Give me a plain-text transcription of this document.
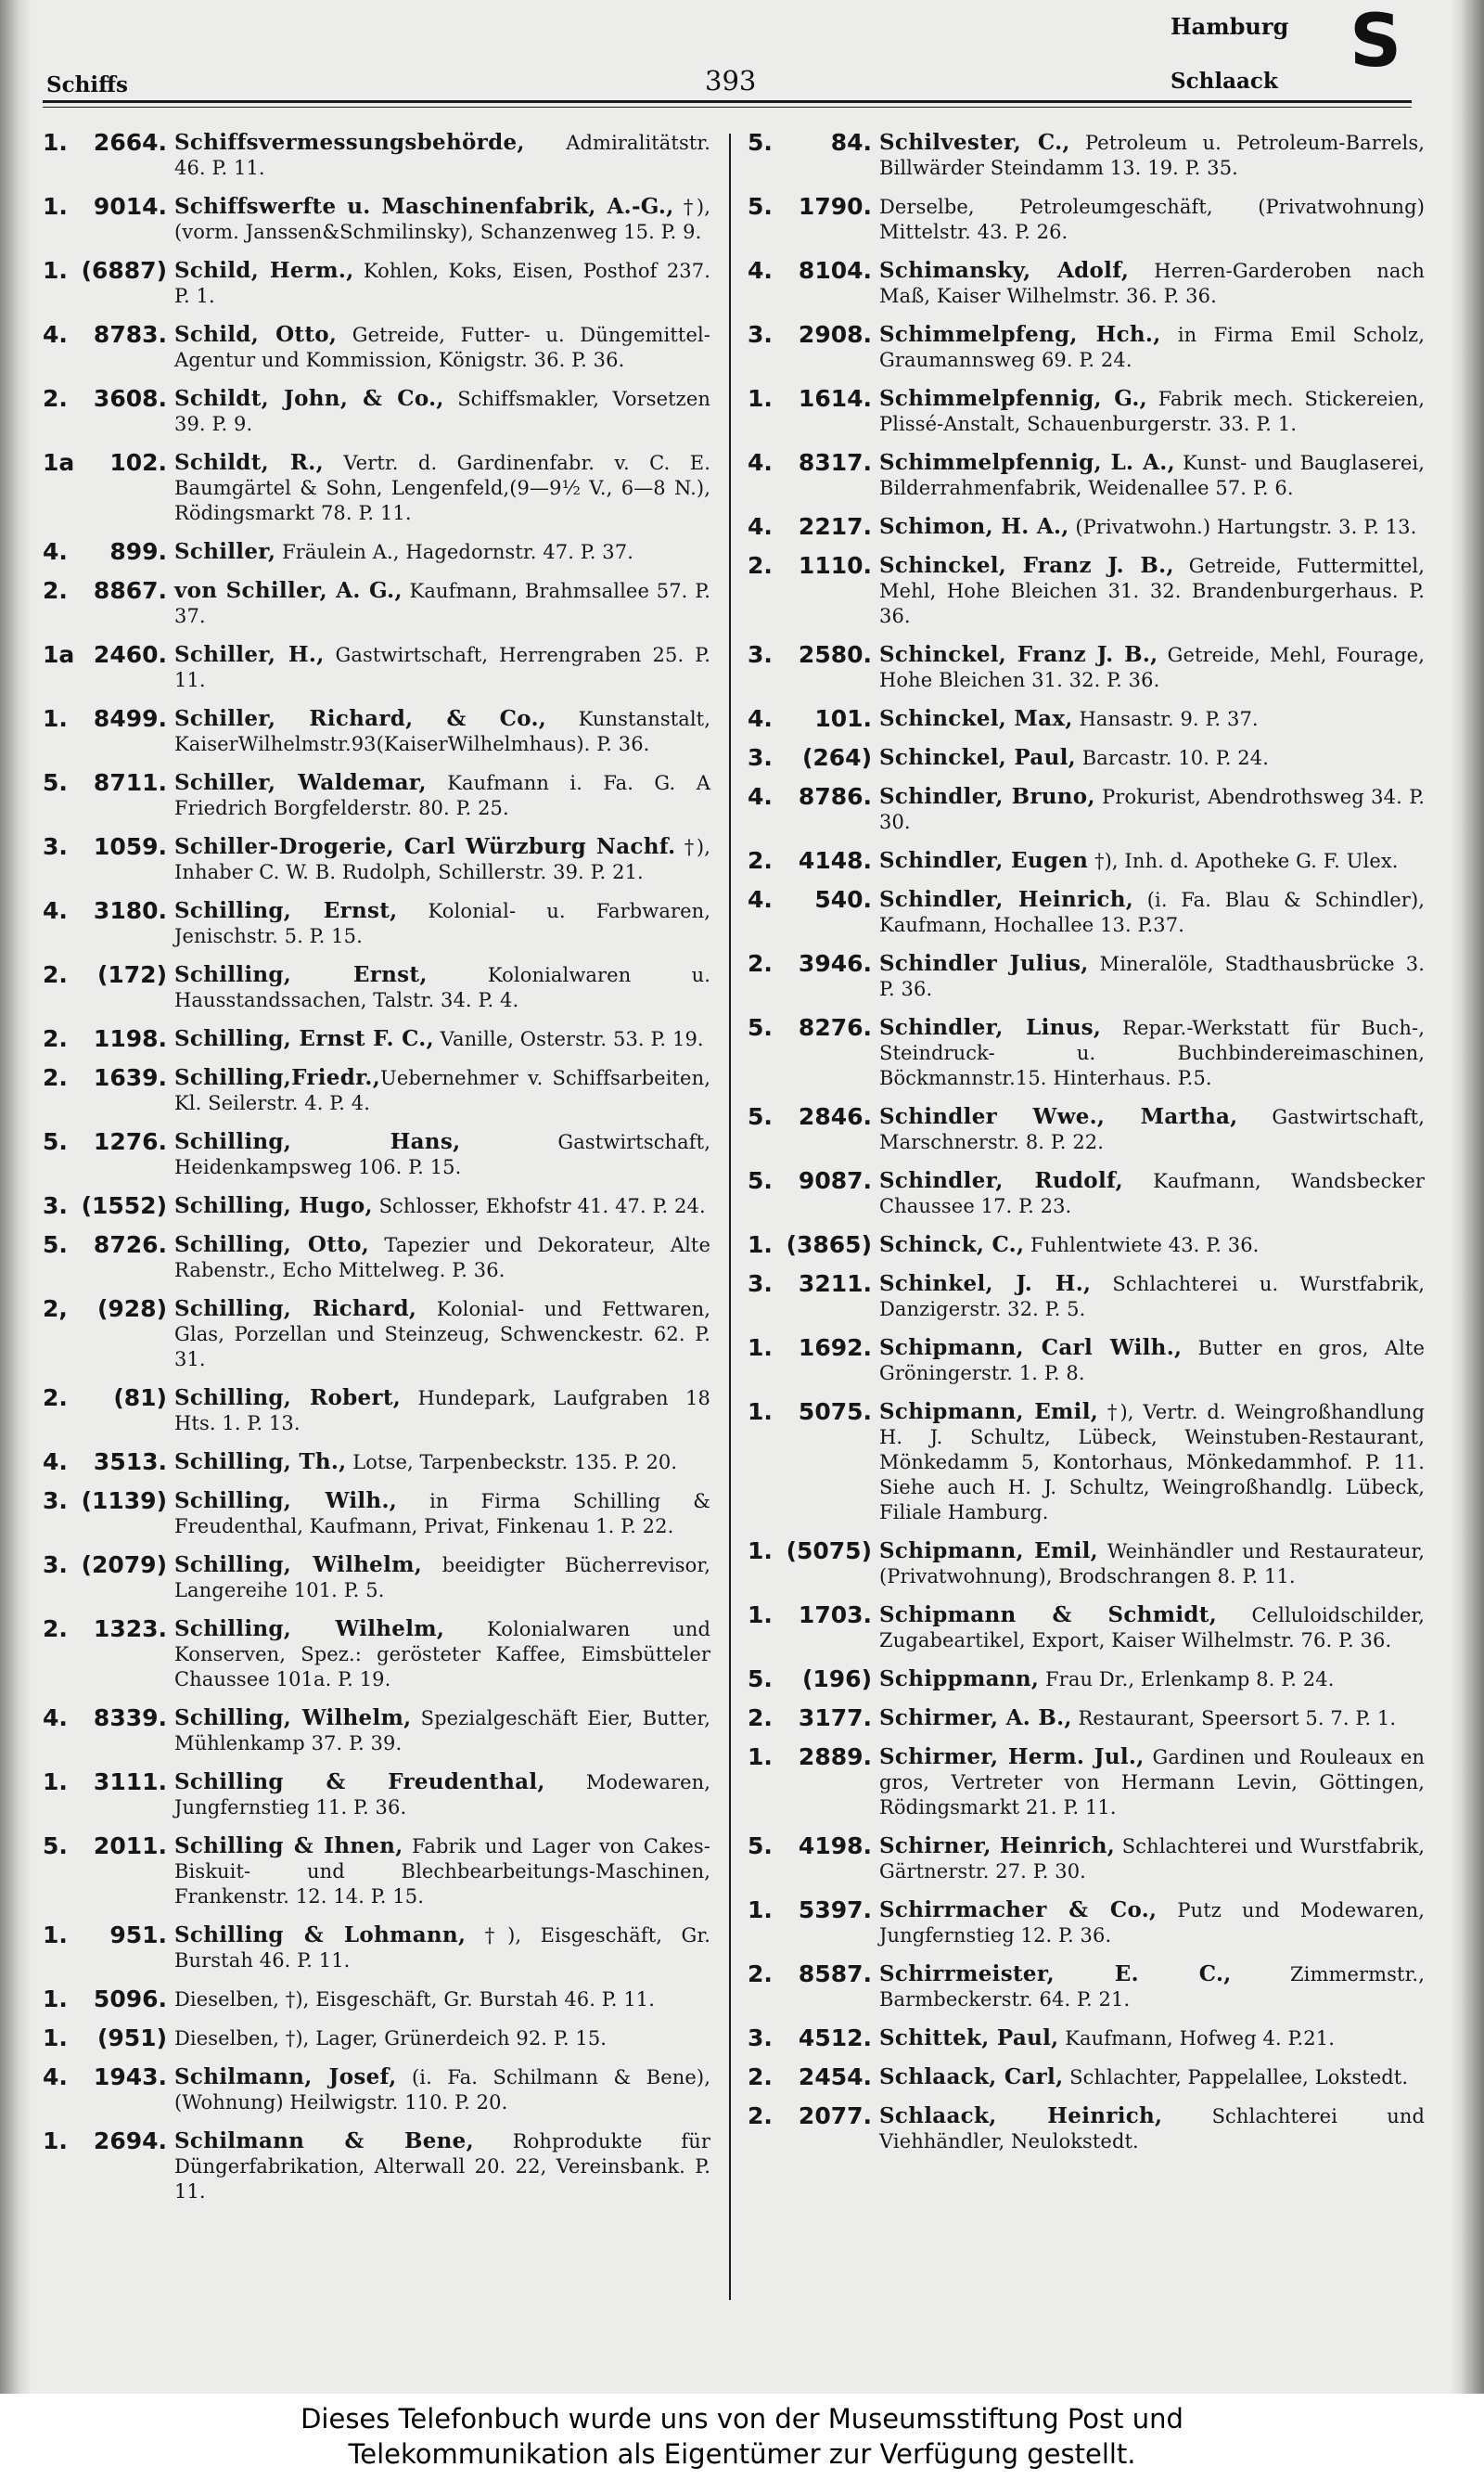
Schiffs	393
Hamburg
Schlaack S
1. 2664. Schiffsvermessungsbehörde, Admiralitätstr. 46. P. 11.
1. 9014. Schiffswerfte u. Maschinenfabrik, A.-G., †), (vorm. Janssen&Schmilinsky), Schanzenweg 15. P. 9.
1. (6887) Schild, Herm., Kohlen, Koks, Eisen, Posthof 237. P. 1.
4. 8783. Schild, Otto, Getreide, Futter- u. Düngemittel-Agentur und Kommission, Königstr. 36. P. 36.
2. 3608. Schildt, John, & Co., Schiffsmakler, Vorsetzen 39. P. 9.
1a 102. Schildt, R., Vertr. d. Gardinenfabr. v. C. E. Baumgärtel & Sohn, Lengenfeld,(9—9½ V., 6—8 N.), Rödingsmarkt 78. P. 11.
4. 899. Schiller, Fräulein A., Hagedornstr. 47. P. 37.
2. 8867. von Schiller, A. G., Kaufmann, Brahmsallee 57. P. 37.
1a 2460. Schiller, H., Gastwirtschaft, Herrengraben 25. P. 11.
1. 8499. Schiller, Richard, & Co., Kunstanstalt, KaiserWilhelmstr.93(KaiserWilhelmhaus). P. 36.
5. 8711. Schiller, Waldemar, Kaufmann i. Fa. G. A Friedrich Borgfelderstr. 80. P. 25.
3. 1059. Schiller-Drogerie, Carl Würzburg Nachf. †), Inhaber C. W. B. Rudolph, Schillerstr. 39. P. 21.
4. 3180. Schilling, Ernst, Kolonial- u. Farbwaren, Jenischstr. 5. P. 15.
2. (172) Schilling, Ernst, Kolonialwaren u. Hausstandssachen, Talstr. 34. P. 4.
2. 1198. Schilling, Ernst F. C., Vanille, Osterstr. 53. P. 19.
2. 1639. Schilling,Friedr.,Uebernehmer v. Schiffsarbeiten, Kl. Seilerstr. 4. P. 4.
5. 1276. Schilling, Hans, Gastwirtschaft, Heidenkampsweg 106. P. 15.
3. (1552) Schilling, Hugo, Schlosser, Ekhofstr 41. 47. P. 24.
5. 8726. Schilling, Otto, Tapezier und Dekorateur, Alte Rabenstr., Echo Mittelweg. P. 36.
2, (928) Schilling, Richard, Kolonial- und Fettwaren, Glas, Porzellan und Steinzeug, Schwenckestr. 62. P. 31.
2. (81) Schilling, Robert, Hundepark, Laufgraben 18 Hts. 1. P. 13.
4. 3513. Schilling, Th., Lotse, Tarpenbeckstr. 135. P. 20.
3. (1139) Schilling, Wilh., in Firma Schilling & Freudenthal, Kaufmann, Privat, Finkenau 1. P. 22.
3. (2079) Schilling, Wilhelm, beeidigter Bücherrevisor, Langereihe 101. P. 5.
2. 1323. Schilling, Wilhelm, Kolonialwaren und Konserven, Spez.: gerösteter Kaffee, Eimsbütteler Chaussee 101a. P. 19.
4. 8339. Schilling, Wilhelm, Spezialgeschäft Eier, Butter, Mühlenkamp 37. P. 39.
1. 3111. Schilling & Freudenthal, Modewaren, Jungfernstieg 11. P. 36.
5. 2011. Schilling & Ihnen, Fabrik und Lager von Cakes-Biskuit- und Blechbearbeitungs-Maschinen, Frankenstr. 12. 14. P. 15.
1. 951. Schilling & Lohmann, †), Eisgeschäft, Gr. Burstah 46. P. 11.
1. 5096. Dieselben, †), Eisgeschäft, Gr. Burstah 46. P. 11.
1. (951) Dieselben, †), Lager, Grünerdeich 92. P. 15.
4. 1943. Schilmann, Josef, (i. Fa. Schilmann & Bene), (Wohnung) Heilwigstr. 110. P. 20.
1. 2694. Schilmann & Bene, Rohprodukte für Düngerfabrikation, Alterwall 20. 22, Vereinsbank. P. 11.
5.	84. Schilvester, C., Petroleum u. Petroleum-Barrels, Billwärder Steindamm 13. 19. P. 35.
5. 1790. Derselbe, Petroleumgeschäft, (Privatwohnung) Mittelstr. 43. P. 26.
4. 8104. Schimansky, Adolf, Herren-Garderoben nach Maß, Kaiser Wilhelmstr. 36. P. 36.
3. 2908. Schimmelpfeng, Hch., in Firma Emil Scholz, Graumannsweg 69. P. 24.
1. 1614. Schimmelpfennig, G., Fabrik mech. Stickereien, Plissé-Anstalt, Schauenburgerstr. 33. P. 1.
4. 8317. Schimmelpfennig, L. A., Kunst- und Bauglaserei, Bilderrahmenfabrik, Weidenallee 57. P. 6.
4. 2217. Schimon, H. A., (Privatwohn.) Hartungstr. 3. P. 13.
2. 1110. Schinckel, Franz J. B., Getreide, Futtermittel, Mehl, Hohe Bleichen 31. 32. Brandenburgerhaus. P. 36.
3. 2580. Schinckel, Franz J. B., Getreide, Mehl, Fourage, Hohe Bleichen 31. 32. P. 36.
4. 101. Schinckel, Max, Hansastr. 9. P. 37.
3. (264) Schinckel, Paul, Barcastr. 10. P. 24.
4. 8786. Schindler, Bruno, Prokurist, Abendrothsweg 34. P. 30.
2. 4148. Schindler, Eugen †), Inh. d. Apotheke G. F. Ulex.
4. 540. Schindler, Heinrich, (i. Fa. Blau & Schindler), Kaufmann, Hochallee 13. P.37.
2. 3946. Schindler Julius, Mineralöle, Stadthausbrücke 3. P. 36.
5. 8276. Schindler, Linus, Repar.-Werkstatt für Buch-, Steindruck- u. Buchbindereimaschinen, Böckmannstr.15. Hinterhaus. P.5.
5. 2846. Schindler Wwe., Martha, Gastwirtschaft, Marschnerstr. 8. P. 22.
5. 9087. Schindler, Rudolf, Kaufmann, Wandsbecker Chaussee 17. P. 23.
1. (3865) Schinck, C., Fuhlentwiete 43. P. 36.
3. 3211. Schinkel, J. H., Schlachterei u. Wurstfabrik, Danzigerstr. 32. P. 5.
1. 1692. Schipmann, Carl Wilh., Butter en gros, Alte Gröningerstr. 1. P. 8.
1. 5075. Schipmann, Emil, †), Vertr. d. Weingroßhandlung H. J. Schultz, Lübeck, Weinstuben-Restaurant, Mönkedamm 5, Kontorhaus, Mönkedammhof. P. 11. Siehe auch H. J. Schultz, Weingroßhandlg. Lübeck, Filiale Hamburg.
1. (5075) Schipmann, Emil, Weinhändler und Restaurateur, (Privatwohnung), Brodschrangen 8. P. 11.
1. 1703. Schipmann & Schmidt, Celluloidschilder, Zugabeartikel, Export, Kaiser Wilhelmstr. 76. P. 36.
5. (196) Schippmann, Frau Dr., Erlenkamp 8. P. 24.
2. 3177. Schirmer, A. B., Restaurant, Speersort 5. 7. P. 1.
1. 2889. Schirmer, Herm. Jul., Gardinen und Rouleaux en gros, Vertreter von Hermann Levin, Göttingen, Rödingsmarkt 21. P. 11.
5. 4198. Schirner, Heinrich, Schlachterei und Wurstfabrik, Gärtnerstr. 27. P. 30.
1. 5397. Schirrmacher & Co., Putz und Modewaren, Jungfernstieg 12. P. 36.
2. 8587. Schirrmeister, E. C., Zimmermstr., Barmbeckerstr. 64. P. 21.
3. 4512. Schittek, Paul, Kaufmann, Hofweg 4. P.21.
2. 2454. Schlaack, Carl, Schlachter, Pappelallee, Lokstedt.
2. 2077. Schlaack, Heinrich, Schlachterei und Viehhändler, Neulokstedt.
Dieses Telefonbuch wurde uns von der Museumsstiftung Post und
Telekommunikation als Eigentümer zur Verfügung gestellt.
